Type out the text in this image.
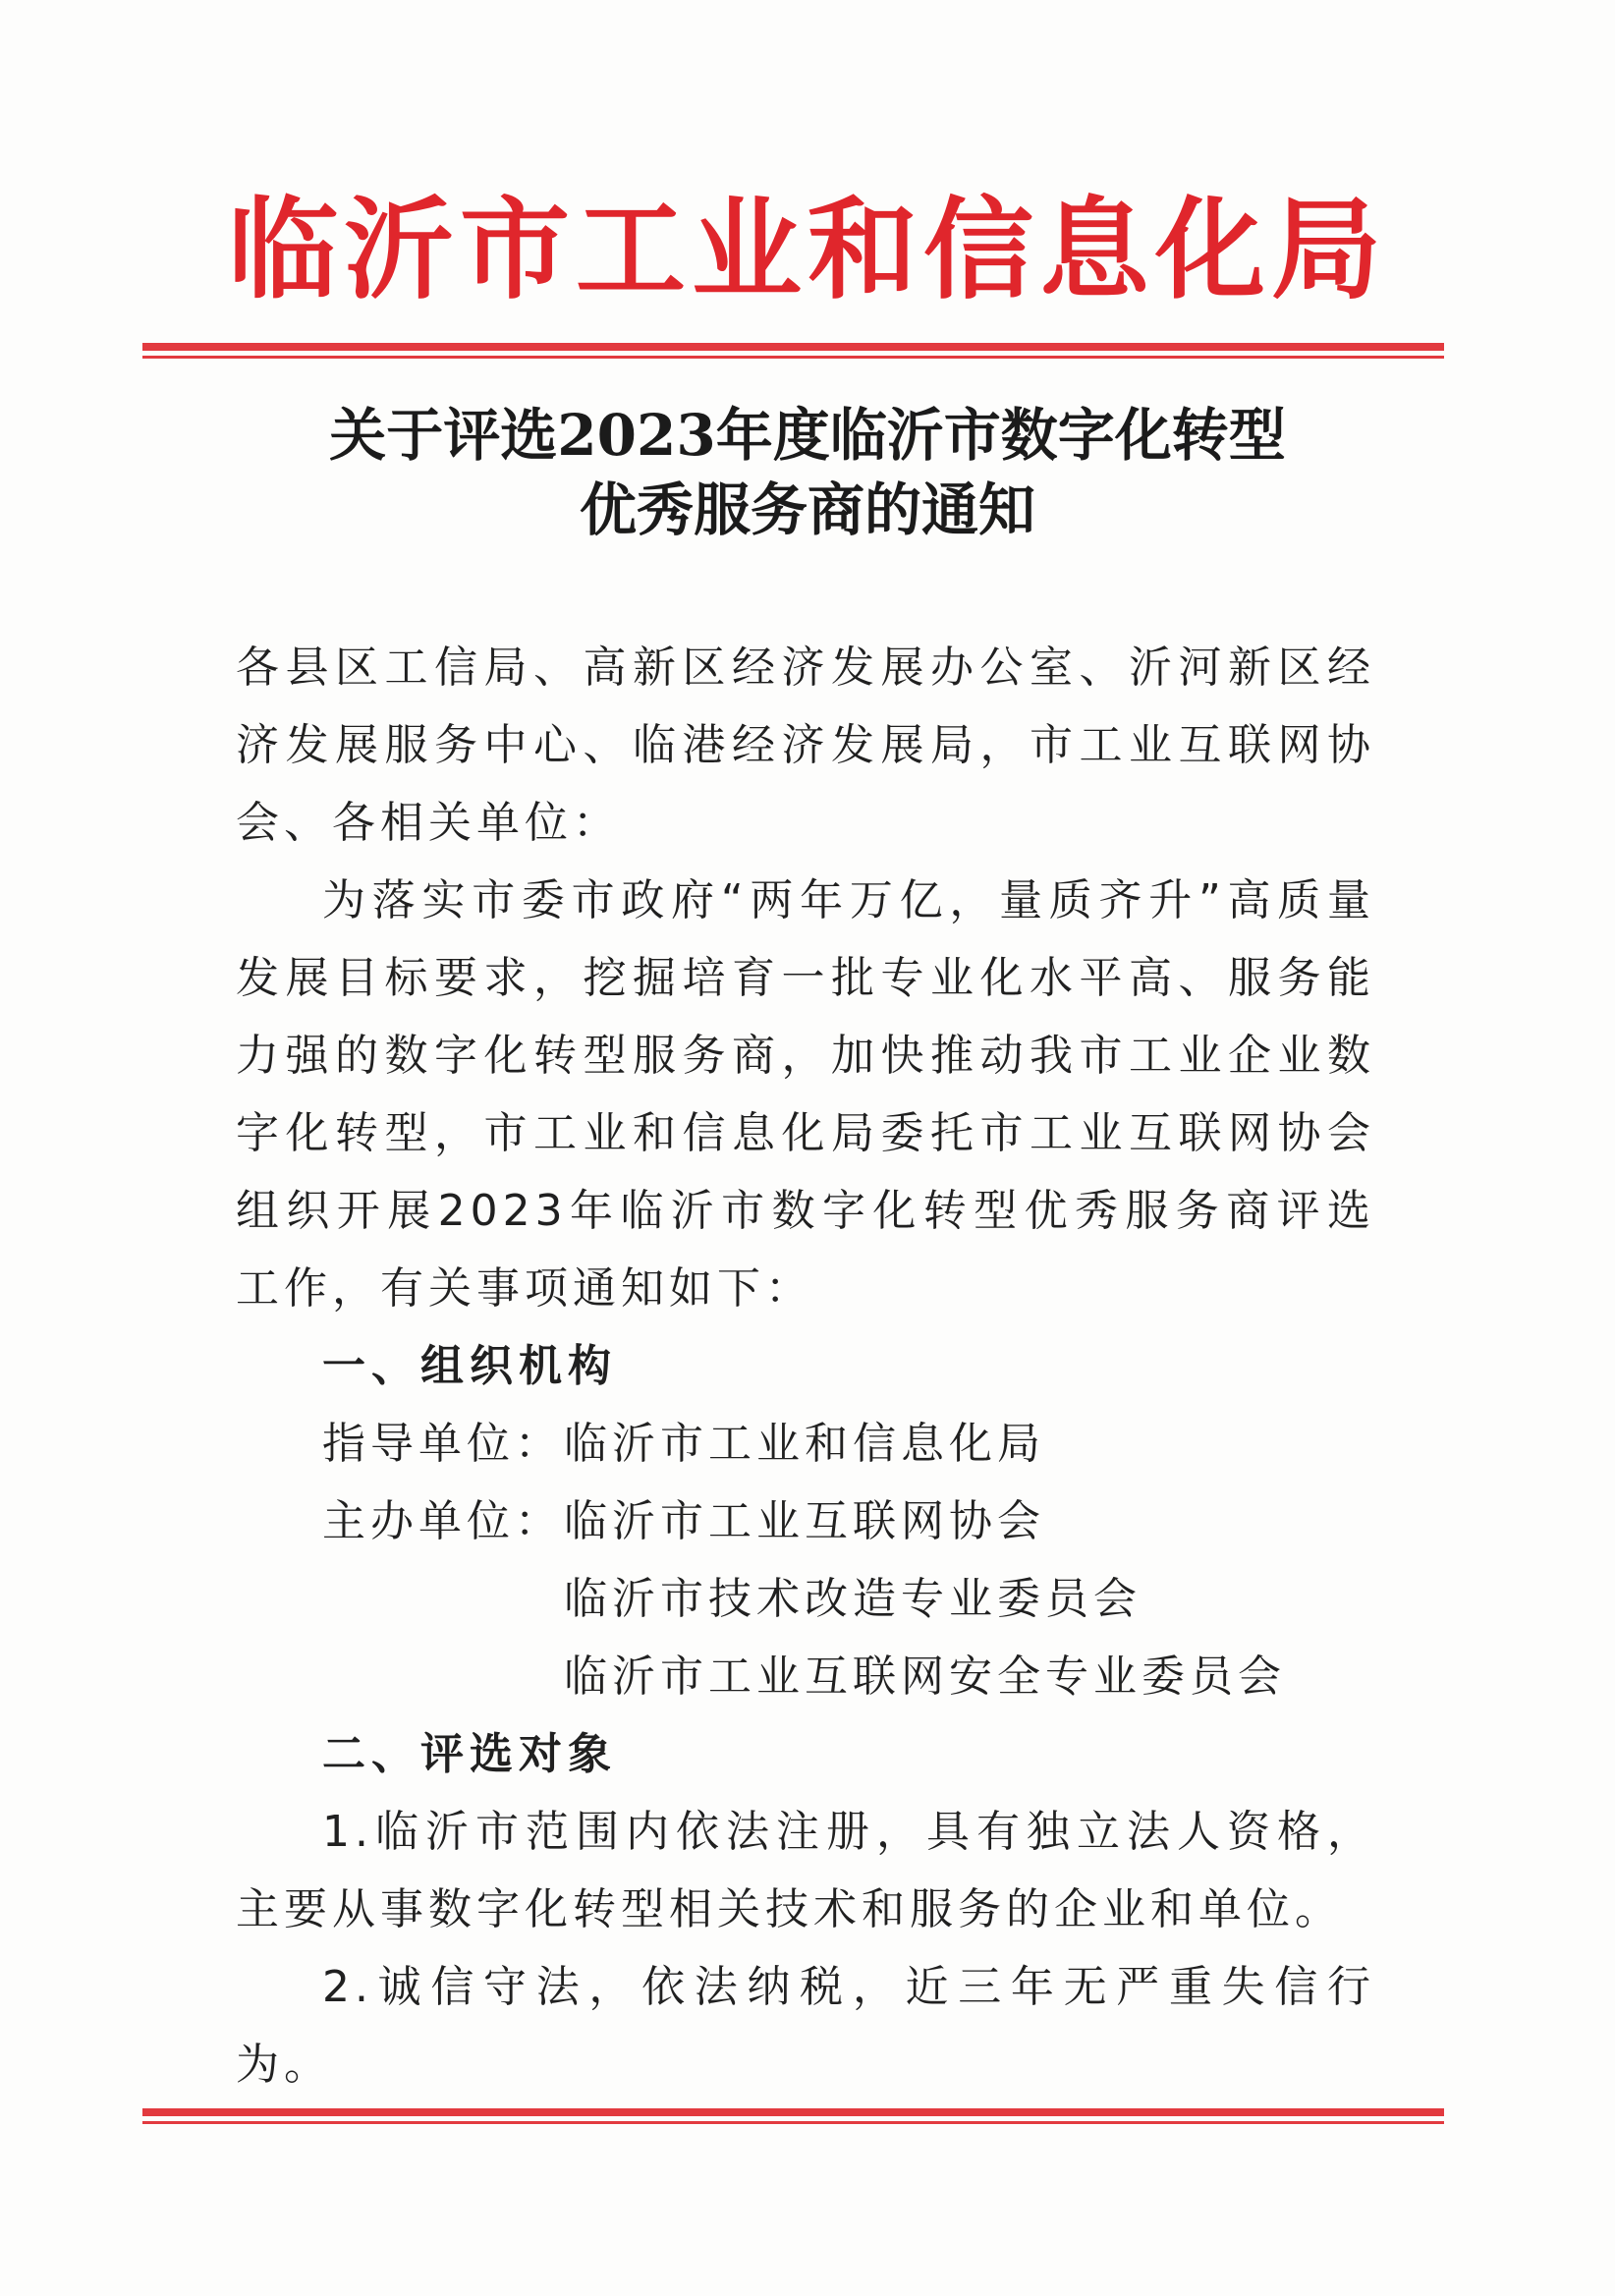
临沂市工业和信息化局
关于评选2023年度临沂市数字化转型
优秀服务商的通知

各县区工信局、高新区经济发展办公室、沂河新区经济发展服务中心、临港经济发展局，市工业互联网协会、各相关单位：

为落实市委市政府“两年万亿，量质齐升”高质量发展目标要求，挖掘培育一批专业化水平高、服务能力强的数字化转型服务商，加快推动我市工业企业数字化转型，市工业和信息化局委托市工业互联网协会组织开展2023年临沂市数字化转型优秀服务商评选工作，有关事项通知如下：

一、组织机构

指导单位： 临沂市工业和信息化局
主办单位： 临沂市工业互联网协会
临沂市技术改造专业委员会
临沂市工业互联网安全专业委员会

二、评选对象

1.临沂市范围内依法注册，具有独立法人资格，主要从事数字化转型相关技术和服务的企业和单位。

2.诚信守法，依法纳税，近三年无严重失信行为。
